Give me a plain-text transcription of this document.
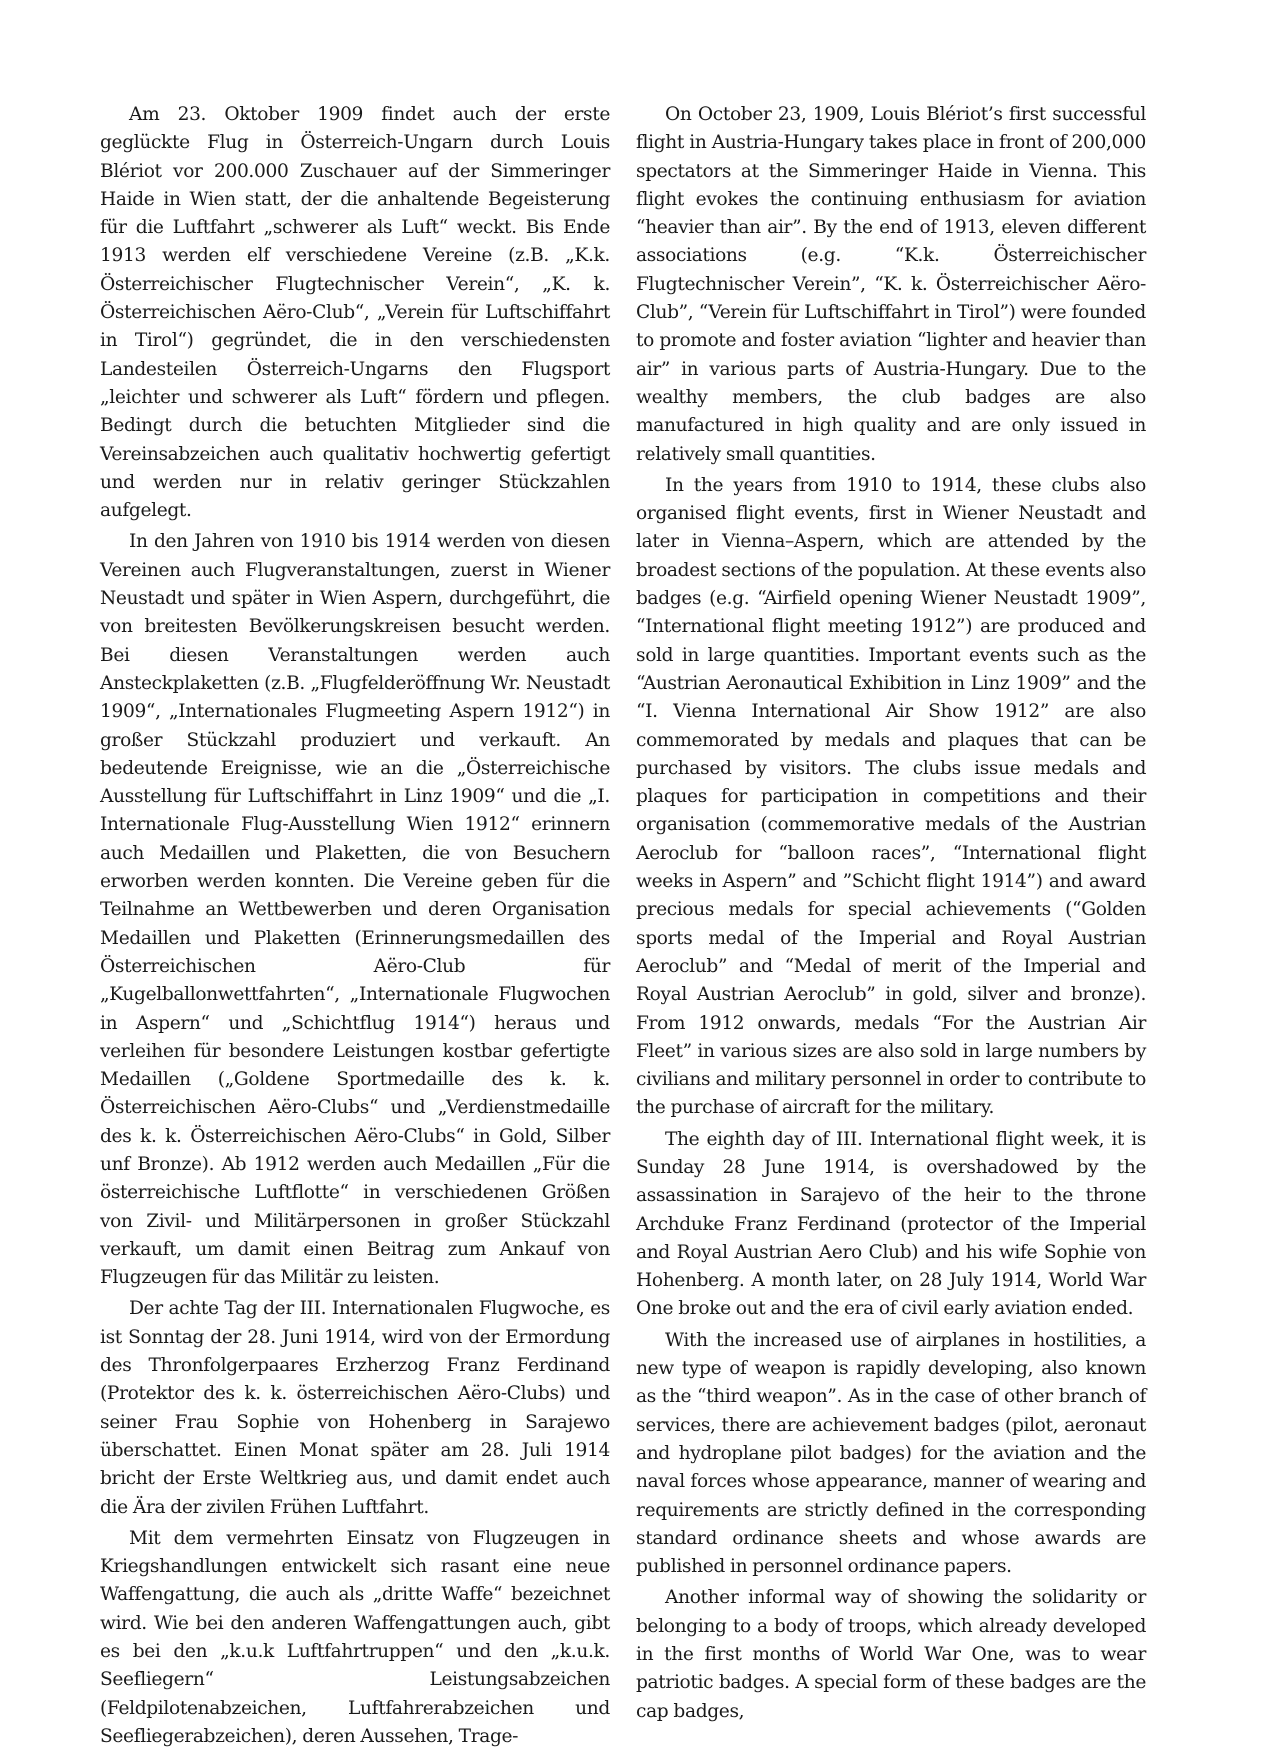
Am 23. Oktober 1909 findet auch der erste geglückte Flug in Österreich-Ungarn durch Louis Blériot vor 200.000 Zuschauer auf der Simmeringer Haide in Wien statt, der die anhaltende Begeisterung für die Luftfahrt „schwerer als Luft“ weckt. Bis Ende 1913 werden elf verschiedene Vereine (z.B. „K.k. Österreichischer Flugtechnischer Verein“, „K. k. Österreichischen Aëro-Club“, „Verein für Luftschiffahrt in Tirol“) gegründet, die in den verschiedensten Landesteilen Österreich-Ungarns den Flugsport „leichter und schwerer als Luft“ fördern und pflegen. Bedingt durch die betuchten Mitglieder sind die Vereinsabzeichen auch qualitativ hochwertig gefertigt und werden nur in relativ geringer Stückzahlen aufgelegt.

In den Jahren von 1910 bis 1914 werden von diesen Vereinen auch Flugveranstaltungen, zuerst in Wiener Neustadt und später in Wien Aspern, durchgeführt, die von breitesten Bevölkerungskreisen besucht werden. Bei diesen Veranstaltungen werden auch Ansteckplaketten (z.B. „Flugfelderöffnung Wr. Neustadt 1909“, „Internationales Flugmeeting Aspern 1912“) in großer Stückzahl produziert und verkauft. An bedeutende Ereignisse, wie an die „Österreichische Ausstellung für Luftschiffahrt in Linz 1909“ und die „I. Internationale Flug-Ausstellung Wien 1912“ erinnern auch Medaillen und Plaketten, die von Besuchern erworben werden konnten. Die Vereine geben für die Teilnahme an Wettbewerben und deren Organisation Medaillen und Plaketten (Erinnerungsmedaillen des Österreichischen Aëro-Club für „Kugelballonwettfahrten“, „Internationale Flugwochen in Aspern“ und „Schichtflug 1914“) heraus und verleihen für besondere Leistungen kostbar gefertigte Medaillen („Goldene Sportmedaille des k. k. Österreichischen Aëro-Clubs“ und „Verdienstmedaille des k. k. Österreichischen Aëro-Clubs“ in Gold, Silber unf Bronze). Ab 1912 werden auch Medaillen „Für die österreichische Luftflotte“ in verschiedenen Größen von Zivil- und Militärpersonen in großer Stückzahl verkauft, um damit einen Beitrag zum Ankauf von Flugzeugen für das Militär zu leisten.

Der achte Tag der III. Internationalen Flugwoche, es ist Sonntag der 28. Juni 1914, wird von der Ermordung des Thronfolgerpaares Erzherzog Franz Ferdinand (Protektor des k. k. österreichischen Aëro-Clubs) und seiner Frau Sophie von Hohenberg in Sarajewo überschattet. Einen Monat später am 28. Juli 1914 bricht der Erste Weltkrieg aus, und damit endet auch die Ära der zivilen Frühen Luftfahrt.

Mit dem vermehrten Einsatz von Flugzeugen in Kriegshandlungen entwickelt sich rasant eine neue Waffengattung, die auch als „dritte Waffe“ bezeichnet wird. Wie bei den anderen Waffengattungen auch, gibt es bei den „k.u.k Luftfahrtruppen“ und den „k.u.k. Seefliegern“ Leistungsabzeichen (Feldpilotenabzeichen, Luftfahrerabzeichen und Seefliegerabzeichen), deren Aussehen, Trage-

On October 23, 1909, Louis Blériot’s first successful flight in Austria-Hungary takes place in front of 200,000 spectators at the Simmeringer Haide in Vienna. This flight evokes the continuing enthusiasm for aviation “heavier than air”. By the end of 1913, eleven different associations (e.g. “K.k. Österreichischer Flugtechnischer Verein”, “K. k. Österreichischer Aëro-Club”, “Verein für Luftschiffahrt in Tirol”) were founded to promote and foster aviation “lighter and heavier than air” in various parts of Austria-Hungary. Due to the wealthy members, the club badges are also manufactured in high quality and are only issued in relatively small quantities.

In the years from 1910 to 1914, these clubs also organised flight events, first in Wiener Neustadt and later in Vienna–Aspern, which are attended by the broadest sections of the population. At these events also badges (e.g. “Airfield opening Wiener Neustadt 1909”, “International flight meeting 1912”) are produced and sold in large quantities. Important events such as the “Austrian Aeronautical Exhibition in Linz 1909” and the “I. Vienna International Air Show 1912” are also commemorated by medals and plaques that can be purchased by visitors. The clubs issue medals and plaques for participation in competitions and their organisation (commemorative medals of the Austrian Aeroclub for “balloon races”, “International flight weeks in Aspern” and ”Schicht flight 1914”) and award precious medals for special achievements (“Golden sports medal of the Imperial and Royal Austrian Aeroclub” and “Medal of merit of the Imperial and Royal Austrian Aeroclub” in gold, silver and bronze). From 1912 onwards, medals “For the Austrian Air Fleet” in various sizes are also sold in large numbers by civilians and military personnel in order to contribute to the purchase of aircraft for the military.

The eighth day of III. International flight week, it is Sunday 28 June 1914, is overshadowed by the assassination in Sarajevo of the heir to the throne Archduke Franz Ferdinand (protector of the Imperial and Royal Austrian Aero Club) and his wife Sophie von Hohenberg. A month later, on 28 July 1914, World War One broke out and the era of civil early aviation ended.

With the increased use of airplanes in hostilities, a new type of weapon is rapidly developing, also known as the “third weapon”. As in the case of other branch of services, there are achievement badges (pilot, aeronaut and hydroplane pilot badges) for the aviation and the naval forces whose appearance, manner of wearing and requirements are strictly defined in the corresponding standard ordinance sheets and whose awards are published in personnel ordinance papers.

Another informal way of showing the solidarity or belonging to a body of troops, which already developed in the first months of World War One, was to wear patriotic badges. A special form of these badges are the cap badges,
